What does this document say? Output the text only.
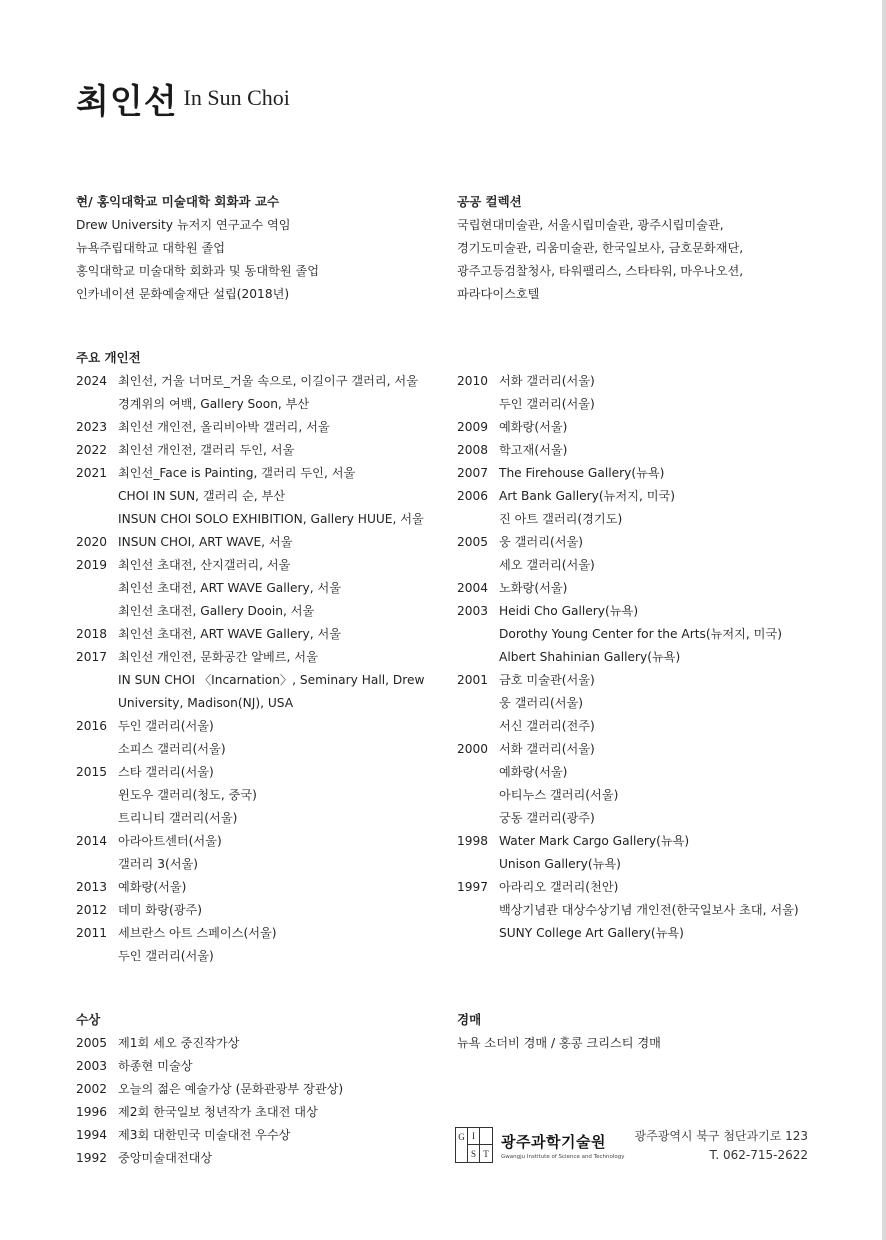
최인선 In Sun Choi
현/ 홍익대학교 미술대학 회화과 교수
Drew University 뉴저지 연구교수 역임
뉴욕주립대학교 대학원 졸업
홍익대학교 미술대학 회화과 및 동대학원 졸업
인카네이션 문화예술재단 설립(2018년)
공공 컬렉션
국립현대미술관, 서울시립미술관, 광주시립미술관,
경기도미술관, 리움미술관, 한국일보사, 금호문화재단,
광주고등검찰청사, 타워팰리스, 스타타워, 마우나오션,
파라다이스호텔
주요 개인전
2024 최인선, 거울 너머로_거울 속으로, 이길이구 갤러리, 서울
경계위의 여백, Gallery Soon, 부산
2023 최인선 개인전, 올리비아박 갤러리, 서울
2022 최인선 개인전, 갤러리 두인, 서울
2021 최인선_Face is Painting, 갤러리 두인, 서울
CHOI IN SUN, 갤러리 순, 부산
INSUN CHOI SOLO EXHIBITION, Gallery HUUE, 서울
2020 INSUN CHOI, ART WAVE, 서울
2019 최인선 초대전, 산지갤러리, 서울
최인선 초대전, ART WAVE Gallery, 서울
최인선 초대전, Gallery Dooin, 서울
2018 최인선 초대전, ART WAVE Gallery, 서울
2017 최인선 개인전, 문화공간 알베르, 서울
IN SUN CHOI 〈Incarnation〉, Seminary Hall, Drew
University, Madison(NJ), USA
2016 두인 갤러리(서울)
소피스 갤러리(서울)
2015 스타 갤러리(서울)
윈도우 갤러리(청도, 중국)
트리니티 갤러리(서울)
2014 아라아트센터(서울)
갤러리 3(서울)
2013 예화랑(서울)
2012 데미 화랑(광주)
2011 세브란스 아트 스페이스(서울)
두인 갤러리(서울)
2010 서화 갤러리(서울)
두인 갤러리(서울)
2009 예화랑(서울)
2008 학고재(서울)
2007 The Firehouse Gallery(뉴욕)
2006 Art Bank Gallery(뉴저지, 미국)
진 아트 갤러리(경기도)
2005 웅 갤러리(서울)
세오 갤러리(서울)
2004 노화랑(서울)
2003 Heidi Cho Gallery(뉴욕)
Dorothy Young Center for the Arts(뉴저지, 미국)
Albert Shahinian Gallery(뉴욕)
2001 금호 미술관(서울)
웅 갤러리(서울)
서신 갤러리(전주)
2000 서화 갤러리(서울)
예화랑(서울)
아티누스 갤러리(서울)
궁동 갤러리(광주)
1998 Water Mark Cargo Gallery(뉴욕)
Unison Gallery(뉴욕)
1997 아라리오 갤러리(천안)
백상기념관 대상수상기념 개인전(한국일보사 초대, 서울)
SUNY College Art Gallery(뉴욕)
수상
2005 제1회 세오 중진작가상
2003 하종현 미술상
2002 오늘의 젊은 예술가상 (문화관광부 장관상)
1996 제2회 한국일보 청년작가 초대전 대상
1994 제3회 대한민국 미술대전 우수상
1992 중앙미술대전대상
경매
뉴욕 소더비 경매 / 홍콩 크리스티 경매
G I
S T
광주과학기술원
Gwangju Institute of Science and Technology
광주광역시 북구 첨단과기로 123
T. 062-715-2622
